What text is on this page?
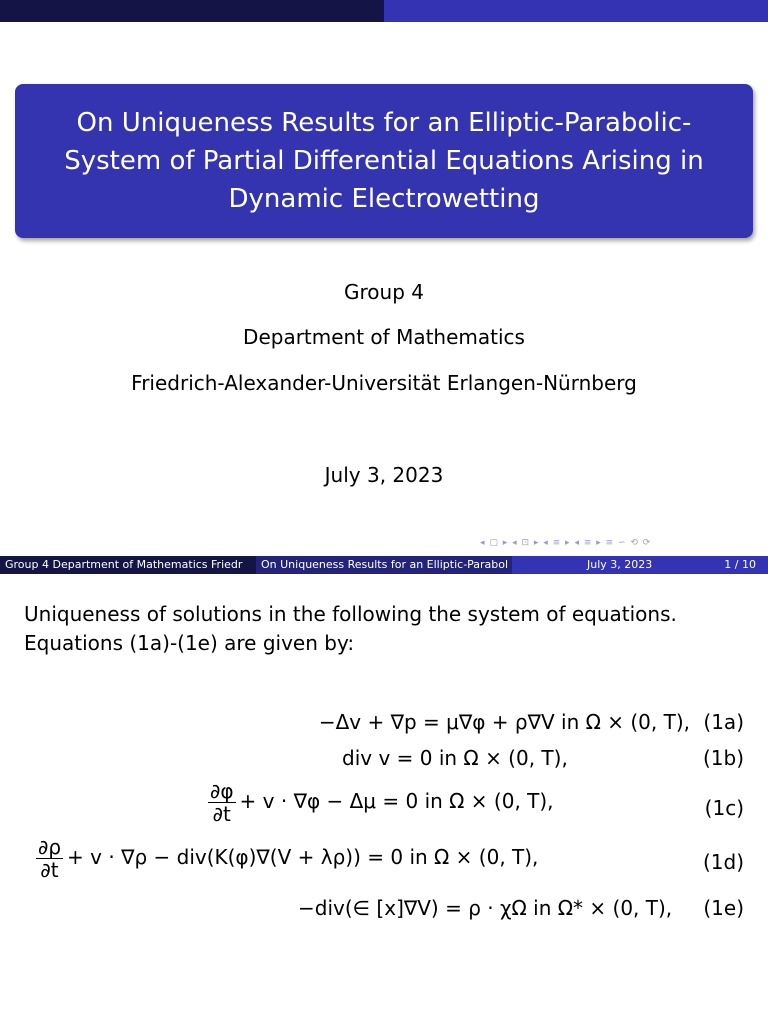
On Uniqueness Results for an Elliptic-Parabolic-System of Partial Differential Equations Arising in Dynamic Electrowetting
Group 4
Department of Mathematics
Friedrich-Alexander-Universität Erlangen-Nürnberg
July 3, 2023
◂ ▢ ▸ ◂ ⊡ ▸ ◂ ≡ ▸ ◂ ≡ ▸ ≡ ∽ ⟲ ⟳
Group 4 Department of Mathematics Friedr	On Uniqueness Results for an Elliptic-Parabol	July 3, 2023	1 / 10
Uniqueness of solutions in the following the system of equations.
Equations (1a)-(1e) are given by:
−Δv + ∇p = μ∇φ + ρ∇V in Ω × (0, T), (1a)
div v = 0 in Ω × (0, T),	(1b)
$\frac{\partial\varphi}{\partial t} + v \cdot \nabla\varphi - \Delta\mu = 0$ in Ω × (0, T),	(1c)
$\frac{\partial\rho}{\partial t} + v \cdot \nabla\rho - div(K(\varphi)\nabla(V + \lambda\rho)) = 0$ in Ω × (0, T),	(1d)
−div(∈ [x]∇V) = ρ · χΩ in Ω* × (0, T), (1e)
